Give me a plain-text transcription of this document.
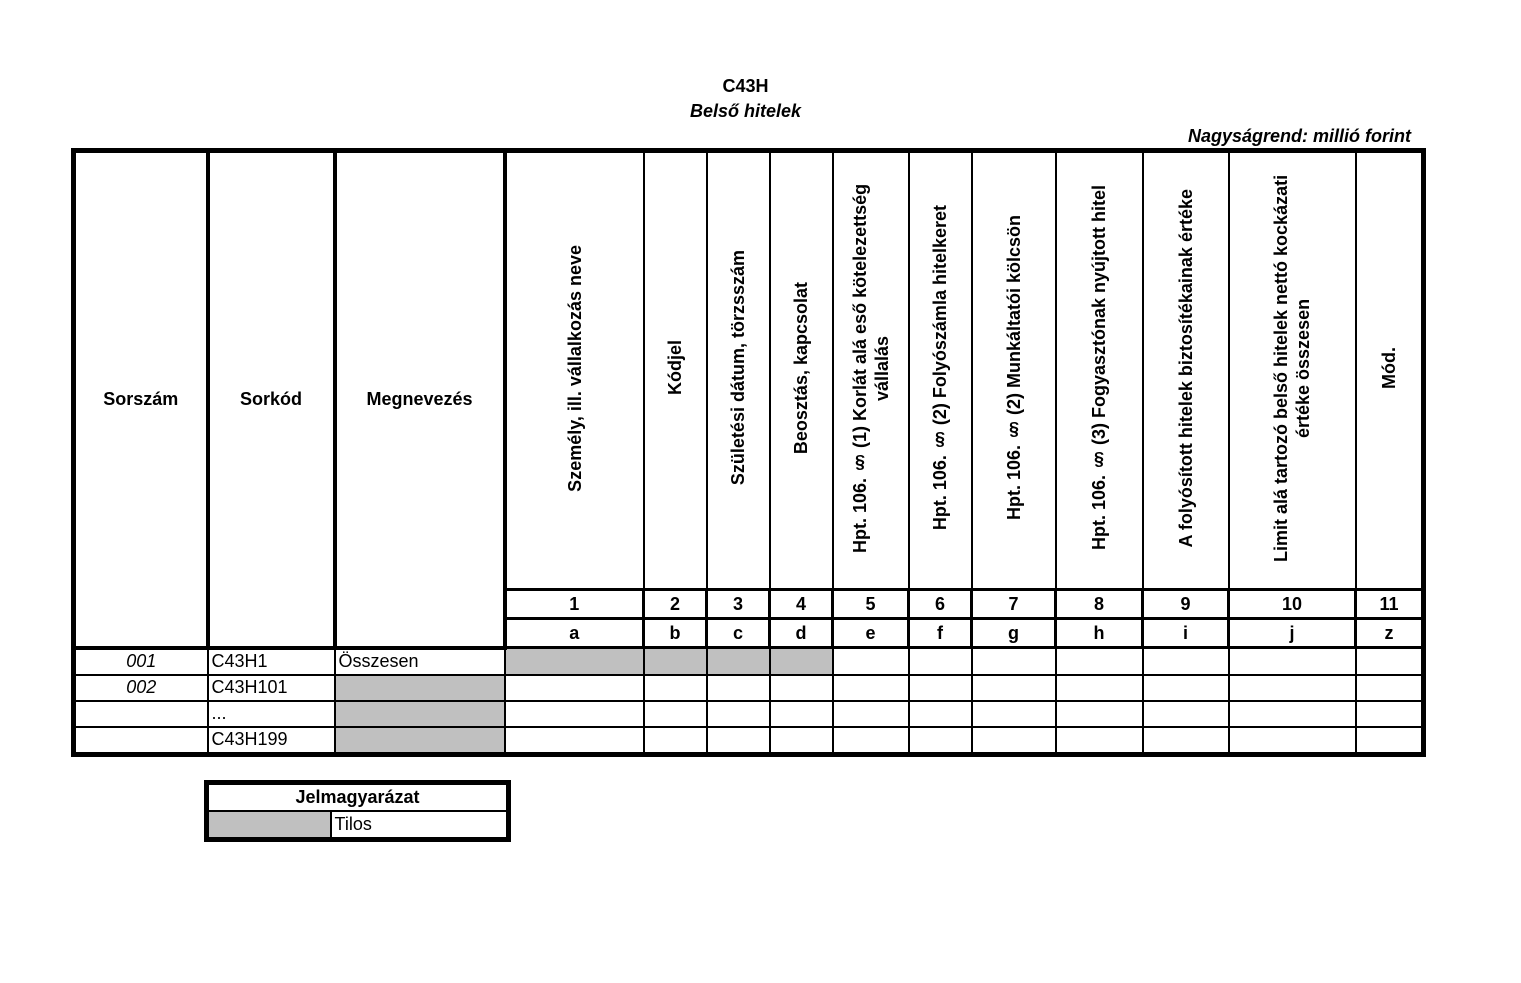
C43H
Belső hitelek
Nagyságrend: millió forint
Sorszám	Sorkód	Megnevezés	Személy, ill. vállalkozás neve	Kódjel	Születési dátum, törzsszám	Beosztás, kapcsolat	Hpt. 106. § (1) Korlát alá eső kötelezettség vállalás	Hpt. 106. § (2) Folyószámla hitelkeret	Hpt. 106. § (2) Munkáltatói kölcsön	Hpt. 106. § (3) Fogyasztónak nyújtott hitel	A folyósított hitelek biztosítékainak értéke	Limit alá tartozó belső hitelek nettó kockázati értéke összesen	Mód.
			1	2	3	4	5	6	7	8	9	10	11
			a	b	c	d	e	f	g	h	i	j	z
001	C43H1	Összesen											
002	C43H101												
	...												
	C43H199												
Jelmagyarázat
	Tilos
